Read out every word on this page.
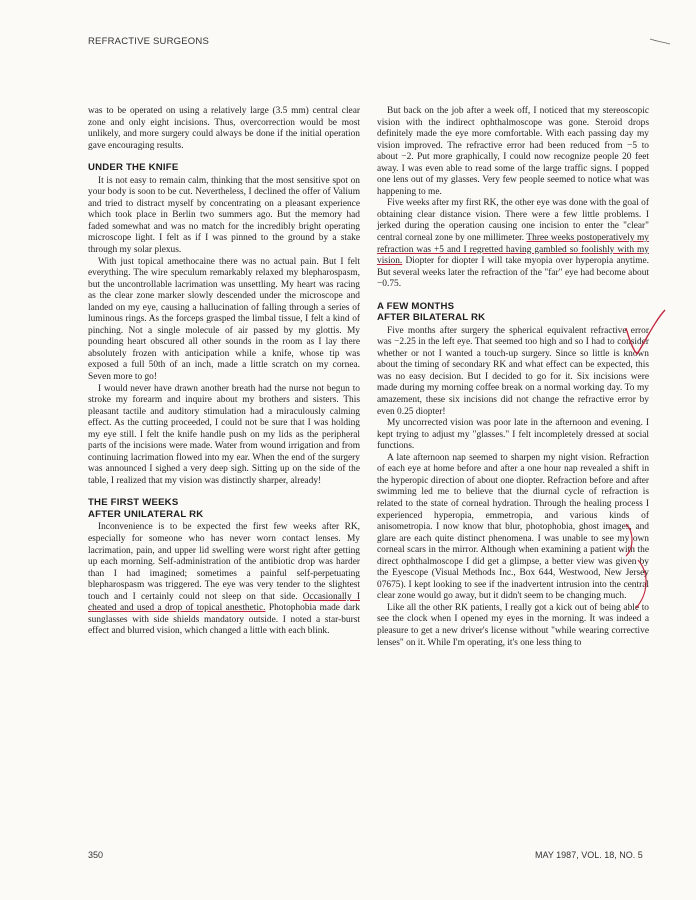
REFRACTIVE SURGEONS

was to be operated on using a relatively large (3.5 mm) central clear zone and only eight incisions. Thus, overcorrection would be most unlikely, and more surgery could always be done if the initial operation gave encouraging results.

UNDER THE KNIFE

It is not easy to remain calm, thinking that the most sensitive spot on your body is soon to be cut. Nevertheless, I declined the offer of Valium and tried to distract myself by concentrating on a pleasant experience which took place in Berlin two summers ago. But the memory had faded somewhat and was no match for the incredibly bright operating microscope light. I felt as if I was pinned to the ground by a stake through my solar plexus.

With just topical amethocaine there was no actual pain. But I felt everything. The wire speculum remarkably relaxed my blepharospasm, but the uncontrollable lacrimation was unsettling. My heart was racing as the clear zone marker slowly descended under the microscope and landed on my eye, causing a hallucination of falling through a series of luminous rings. As the forceps grasped the limbal tissue, I felt a kind of pinching. Not a single molecule of air passed by my glottis. My pounding heart obscured all other sounds in the room as I lay there absolutely frozen with anticipation while a knife, whose tip was exposed a full 50th of an inch, made a little scratch on my cornea. Seven more to go!

I would never have drawn another breath had the nurse not begun to stroke my forearm and inquire about my brothers and sisters. This pleasant tactile and auditory stimulation had a miraculously calming effect. As the cutting proceeded, I could not be sure that I was holding my eye still. I felt the knife handle push on my lids as the peripheral parts of the incisions were made. Water from wound irrigation and from continuing lacrimation flowed into my ear. When the end of the surgery was announced I sighed a very deep sigh. Sitting up on the side of the table, I realized that my vision was distinctly sharper, already!

THE FIRST WEEKS
AFTER UNILATERAL RK

Inconvenience is to be expected the first few weeks after RK, especially for someone who has never worn contact lenses. My lacrimation, pain, and upper lid swelling were worst right after getting up each morning. Self-administration of the antibiotic drop was harder than I had imagined; sometimes a painful self-perpetuating blepharospasm was triggered. The eye was very tender to the slightest touch and I certainly could not sleep on that side. Occasionally I cheated and used a drop of topical anesthetic. Photophobia made dark sunglasses with side shields mandatory outside. I noted a star-burst effect and blurred vision, which changed a little with each blink.

But back on the job after a week off, I noticed that my stereoscopic vision with the indirect ophthalmoscope was gone. Steroid drops definitely made the eye more comfortable. With each passing day my vision improved. The refractive error had been reduced from −5 to about −2. Put more graphically, I could now recognize people 20 feet away. I was even able to read some of the large traffic signs. I popped one lens out of my glasses. Very few people seemed to notice what was happening to me.

Five weeks after my first RK, the other eye was done with the goal of obtaining clear distance vision. There were a few little problems. I jerked during the operation causing one incision to enter the "clear" central corneal zone by one millimeter. Three weeks postoperatively my refraction was +5 and I regretted having gambled so foolishly with my vision. Diopter for diopter I will take myopia over hyperopia anytime. But several weeks later the refraction of the "far" eye had become about −0.75.

A FEW MONTHS
AFTER BILATERAL RK

Five months after surgery the spherical equivalent refractive error was −2.25 in the left eye. That seemed too high and so I had to consider whether or not I wanted a touch-up surgery. Since so little is known about the timing of secondary RK and what effect can be expected, this was no easy decision. But I decided to go for it. Six incisions were made during my morning coffee break on a normal working day. To my amazement, these six incisions did not change the refractive error by even 0.25 diopter!

My uncorrected vision was poor late in the afternoon and evening. I kept trying to adjust my "glasses." I felt incompletely dressed at social functions.

A late afternoon nap seemed to sharpen my night vision. Refraction of each eye at home before and after a one hour nap revealed a shift in the hyperopic direction of about one diopter. Refraction before and after swimming led me to believe that the diurnal cycle of refraction is related to the state of corneal hydration. Through the healing process I experienced hyperopia, emmetropia, and various kinds of anisometropia. I now know that blur, photophobia, ghost images, and glare are each quite distinct phenomena. I was unable to see my own corneal scars in the mirror. Although when examining a patient with the direct ophthalmoscope I did get a glimpse, a better view was given by the Eyescope (Visual Methods Inc., Box 644, Westwood, New Jersey 07675). I kept looking to see if the inadvertent intrusion into the central clear zone would go away, but it didn't seem to be changing much.

Like all the other RK patients, I really got a kick out of being able to see the clock when I opened my eyes in the morning. It was indeed a pleasure to get a new driver's license without "while wearing corrective lenses" on it. While I'm operating, it's one less thing to

350	MAY 1987, VOL. 18, NO. 5
